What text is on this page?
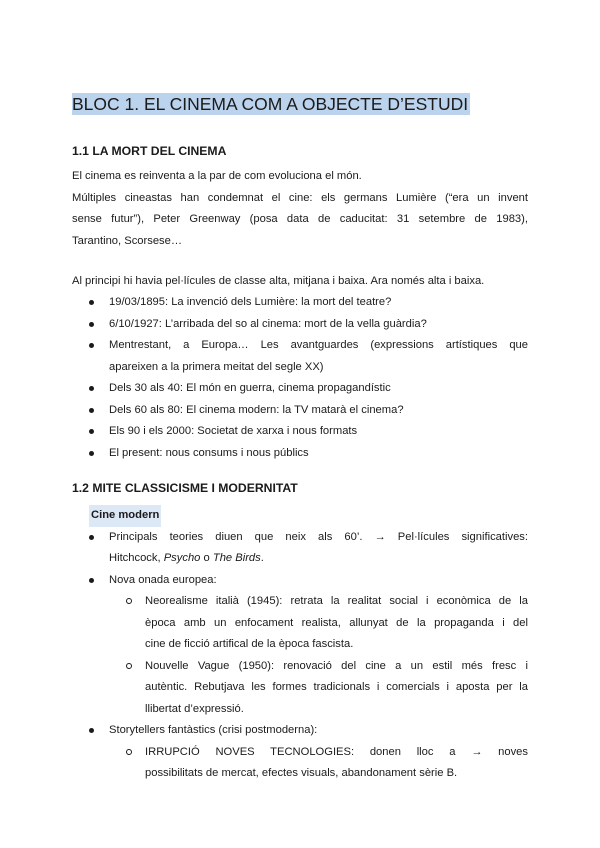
BLOC 1. EL CINEMA COM A OBJECTE D’ESTUDI
1.1 LA MORT DEL CINEMA
El cinema es reinventa a la par de com evoluciona el món.
Múltiples cineastas han condemnat el cine: els germans Lumière (“era un invent
sense futur”), Peter Greenway (posa data de caducitat: 31 setembre de 1983),
Tarantino, Scorsese…
Al principi hi havia pel·lícules de classe alta, mitjana i baixa. Ara només alta i baixa.
19/03/1895: La invenció dels Lumière: la mort del teatre?
6/10/1927: L’arribada del so al cinema: mort de la vella guàrdia?
Mentrestant, a Europa… Les avantguardes (expressions artístiques que
apareixen a la primera meitat del segle XX)
Dels 30 als 40: El món en guerra, cinema propagandístic
Dels 60 als 80: El cinema modern: la TV matarà el cinema?
Els 90 i els 2000: Societat de xarxa i nous formats
El present: nous consums i nous públics
1.2 MITE CLASSICISME I MODERNITAT
Cine modern
Principals teories diuen que neix als 60’. → Pel·lícules significatives:
Hitchcock, Psycho o The Birds.
Nova onada europea:
Neorealisme italià (1945): retrata la realitat social i econòmica de la
època amb un enfocament realista, allunyat de la propaganda i del
cine de ficció artifical de la època fascista.
Nouvelle Vague (1950): renovació del cine a un estil més fresc i
autèntic. Rebutjava les formes tradicionals i comercials i aposta per la
llibertat d’expressió.
Storytellers fantàstics (crisi postmoderna):
IRRUPCIÓ NOVES TECNOLOGIES: donen lloc a → noves
possibilitats de mercat, efectes visuals, abandonament sèrie B.
